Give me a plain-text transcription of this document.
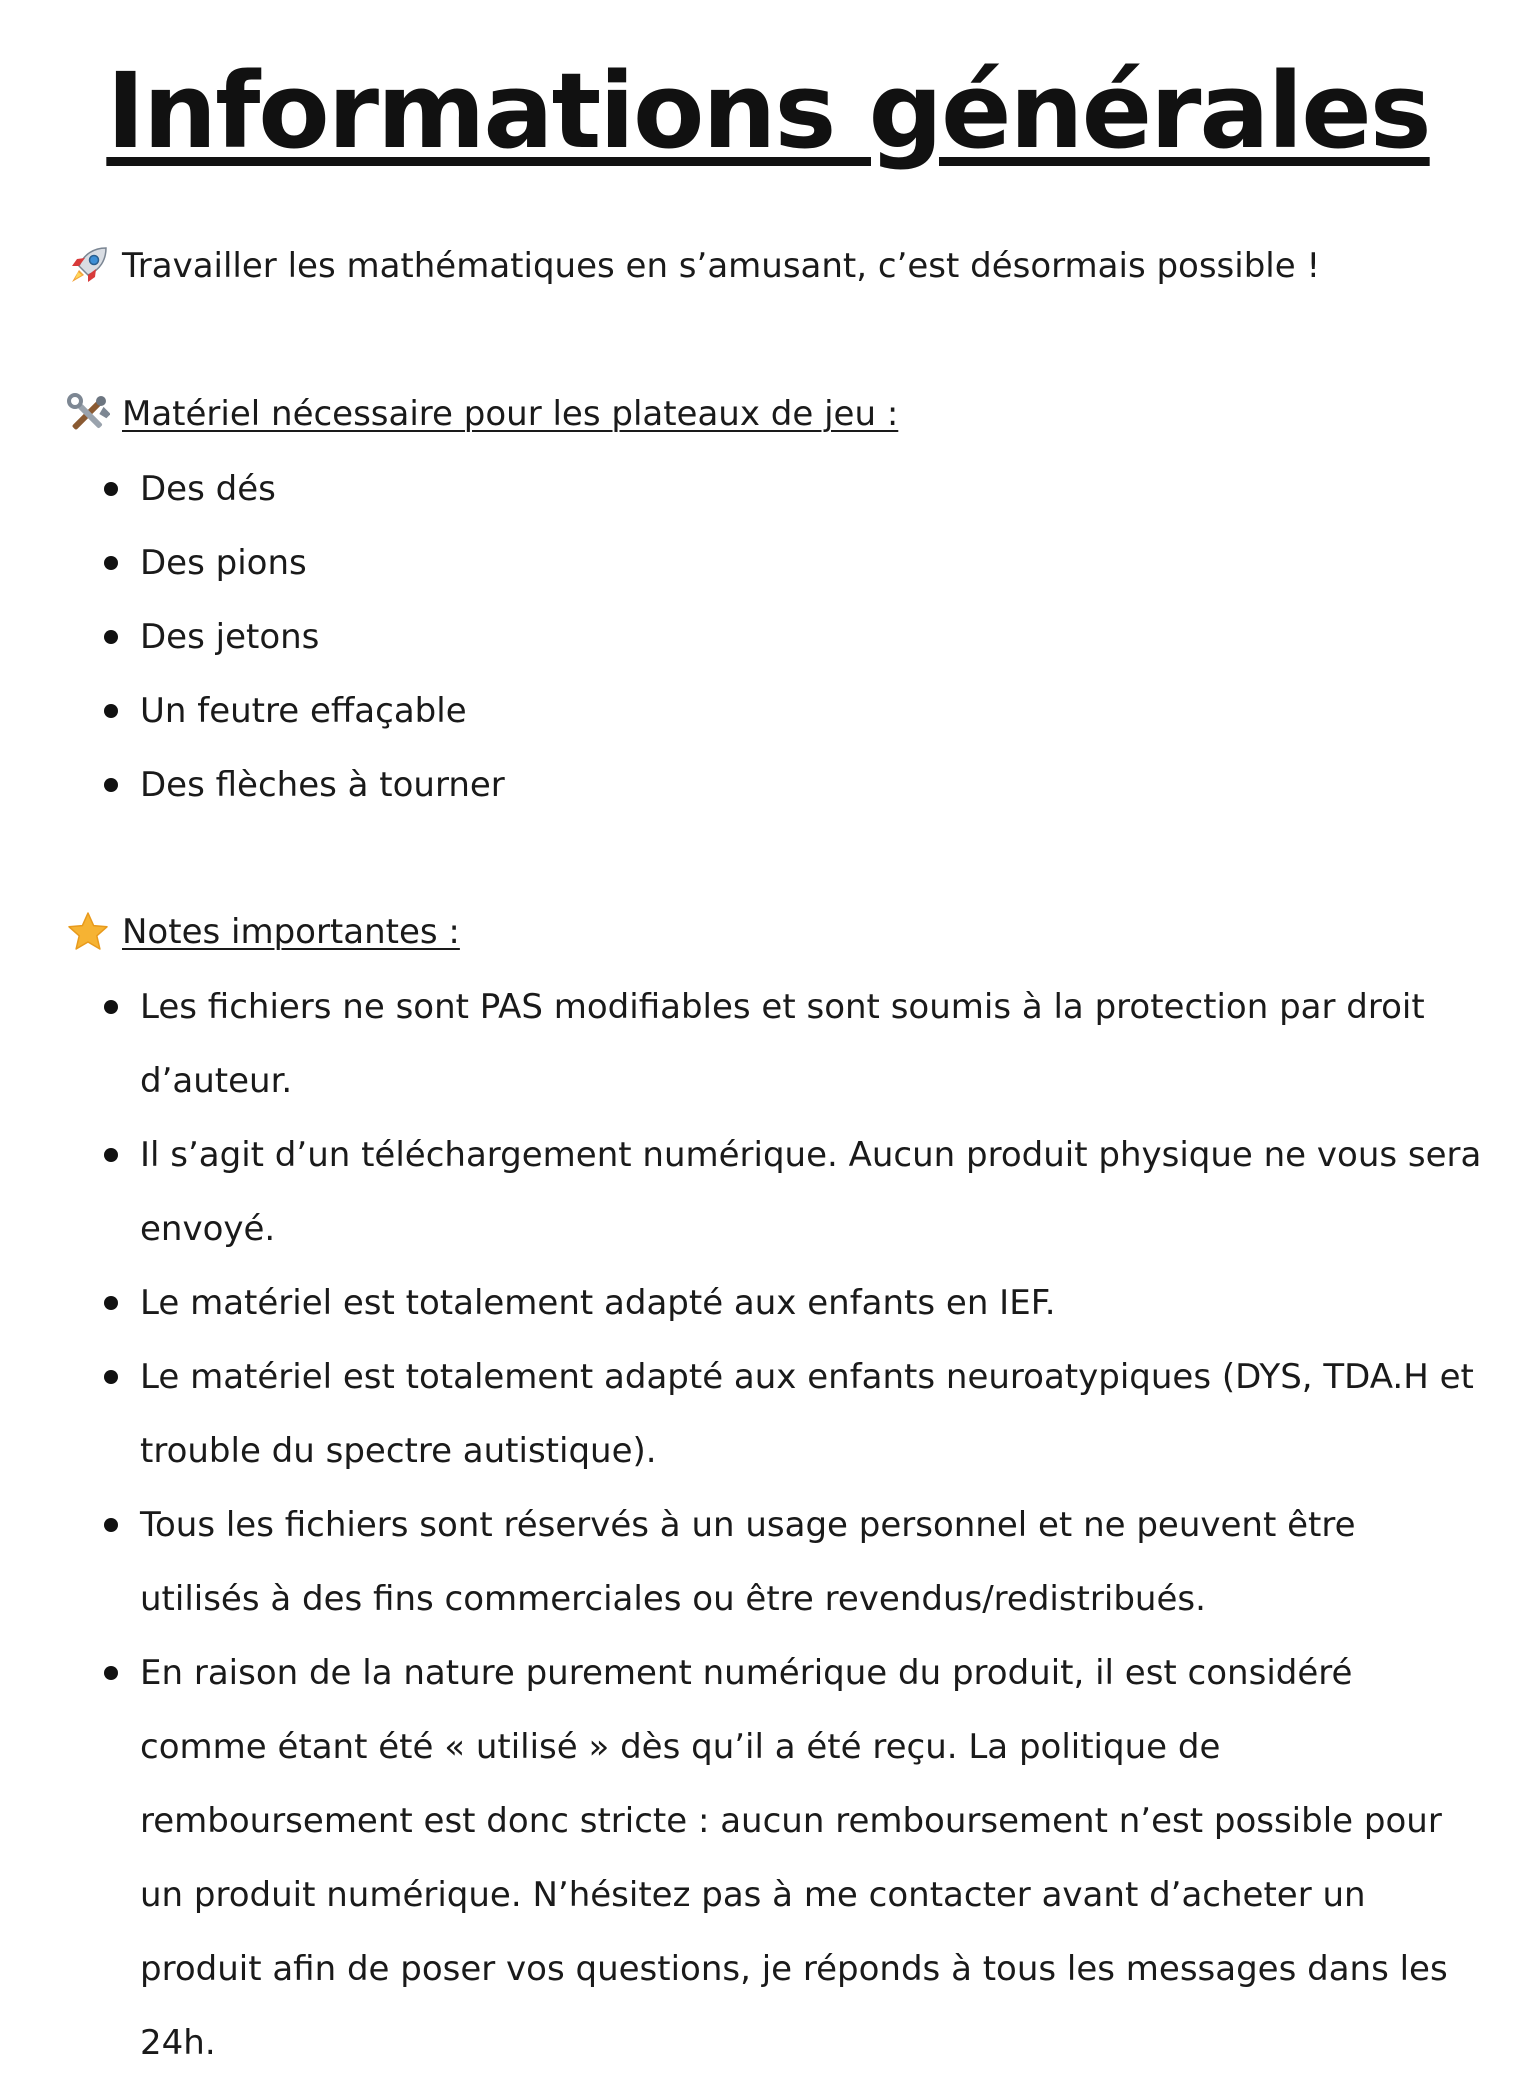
Informations générales
Travailler les mathématiques en s’amusant, c’est désormais possible !
Matériel nécessaire pour les plateaux de jeu :
Des dés
Des pions
Des jetons
Un feutre effaçable
Des flèches à tourner
Notes importantes :
Les fichiers ne sont PAS modifiables et sont soumis à la protection par droit d’auteur.
Il s’agit d’un téléchargement numérique. Aucun produit physique ne vous sera envoyé.
Le matériel est totalement adapté aux enfants en IEF.
Le matériel est totalement adapté aux enfants neuroatypiques (DYS, TDA.H et trouble du spectre autistique).
Tous les fichiers sont réservés à un usage personnel et ne peuvent être utilisés à des fins commerciales ou être revendus/redistribués.
En raison de la nature purement numérique du produit, il est considéré comme étant été « utilisé » dès qu’il a été reçu. La politique de remboursement est donc stricte : aucun remboursement n’est possible pour un produit numérique. N’hésitez pas à me contacter avant d’acheter un produit afin de poser vos questions, je réponds à tous les messages dans les 24h.
